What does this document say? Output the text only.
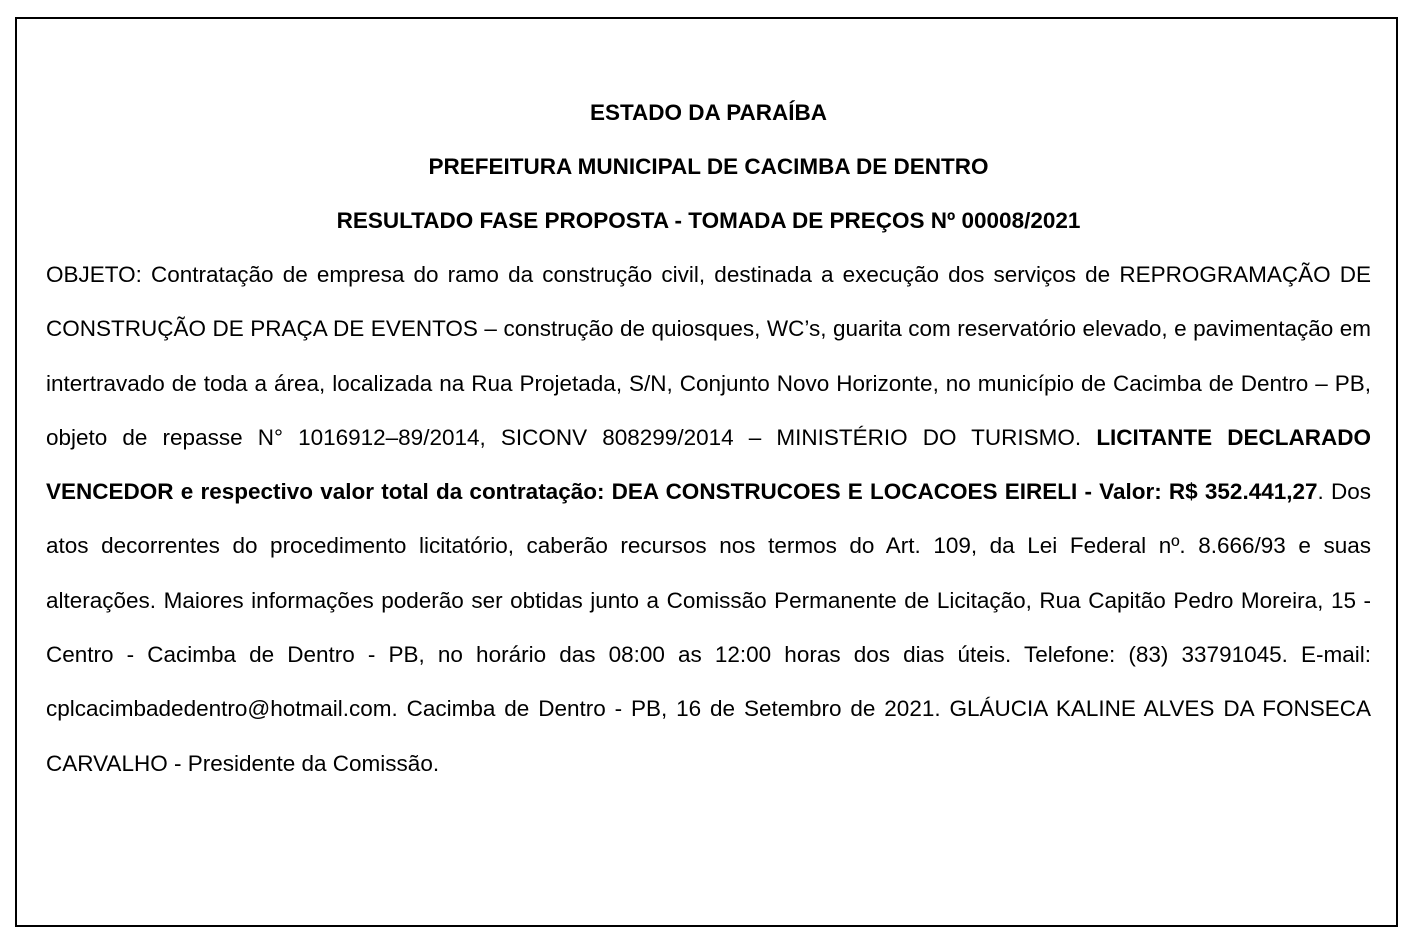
ESTADO DA PARAÍBA

PREFEITURA MUNICIPAL DE CACIMBA DE DENTRO

RESULTADO FASE PROPOSTA - TOMADA DE PREÇOS Nº 00008/2021

OBJETO: Contratação de empresa do ramo da construção civil, destinada a execução dos serviços de REPROGRAMAÇÃO DE CONSTRUÇÃO DE PRAÇA DE EVENTOS – construção de quiosques, WC’s, guarita com reservatório elevado, e pavimentação em intertravado de toda a área, localizada na Rua Projetada, S/N, Conjunto Novo Horizonte, no município de Cacimba de Dentro – PB, objeto de repasse N° 1016912–89/2014, SICONV 808299/2014 – MINISTÉRIO DO TURISMO. LICITANTE DECLARADO VENCEDOR e respectivo valor total da contratação: DEA CONSTRUCOES E LOCACOES EIRELI - Valor: R$ 352.441,27. Dos atos decorrentes do procedimento licitatório, caberão recursos nos termos do Art. 109, da Lei Federal nº. 8.666/93 e suas alterações. Maiores informações poderão ser obtidas junto a Comissão Permanente de Licitação, Rua Capitão Pedro Moreira, 15 - Centro - Cacimba de Dentro - PB, no horário das 08:00 as 12:00 horas dos dias úteis. Telefone: (83) 33791045. E-mail: cplcacimbadedentro@hotmail.com. Cacimba de Dentro - PB, 16 de Setembro de 2021. GLÁUCIA KALINE ALVES DA FONSECA CARVALHO - Presidente da Comissão.
